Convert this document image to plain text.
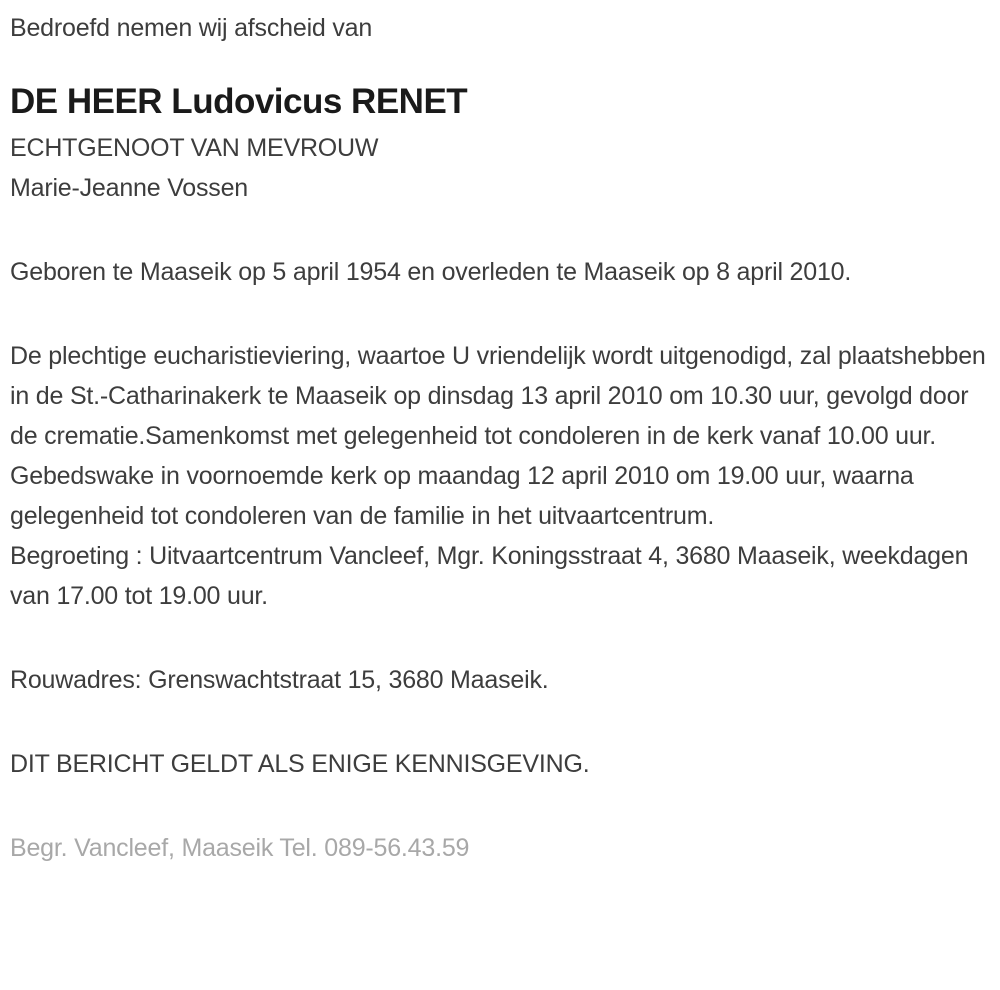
Bedroefd nemen wij afscheid van

DE HEER Ludovicus RENET

ECHTGENOOT VAN MEVROUW

Marie-Jeanne Vossen

Geboren te Maaseik op 5 april 1954 en overleden te Maaseik op 8 april 2010.

De plechtige eucharistieviering, waartoe U vriendelijk wordt uitgenodigd, zal plaatshebben in de St.-Catharinakerk te Maaseik op dinsdag 13 april 2010 om 10.30 uur, gevolgd door de crematie.Samenkomst met gelegenheid tot condoleren in de kerk vanaf 10.00 uur.

Gebedswake in voornoemde kerk op maandag 12 april 2010 om 19.00 uur, waarna gelegenheid tot condoleren van de familie in het uitvaartcentrum.

Begroeting : Uitvaartcentrum Vancleef, Mgr. Koningsstraat 4, 3680 Maaseik, weekdagen van 17.00 tot 19.00 uur.

Rouwadres: Grenswachtstraat 15, 3680 Maaseik.

DIT BERICHT GELDT ALS ENIGE KENNISGEVING.

Begr. Vancleef, Maaseik Tel. 089-56.43.59
